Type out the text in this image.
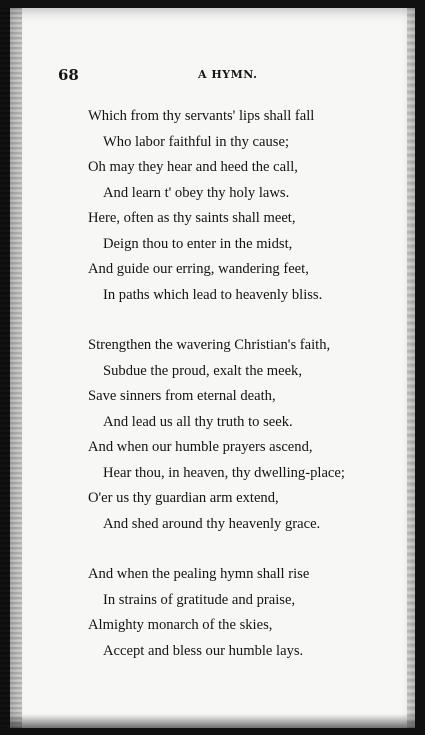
68	A HYMN.
Which from thy servants' lips shall fall
Who labor faithful in thy cause;
Oh may they hear and heed the call,
And learn t' obey thy holy laws.
Here, often as thy saints shall meet,
Deign thou to enter in the midst,
And guide our erring, wandering feet,
In paths which lead to heavenly bliss.
Strengthen the wavering Christian's faith,
Subdue the proud, exalt the meek,
Save sinners from eternal death,
And lead us all thy truth to seek.
And when our humble prayers ascend,
Hear thou, in heaven, thy dwelling-place;
O'er us thy guardian arm extend,
And shed around thy heavenly grace.
And when the pealing hymn shall rise
In strains of gratitude and praise,
Almighty monarch of the skies,
Accept and bless our humble lays.
